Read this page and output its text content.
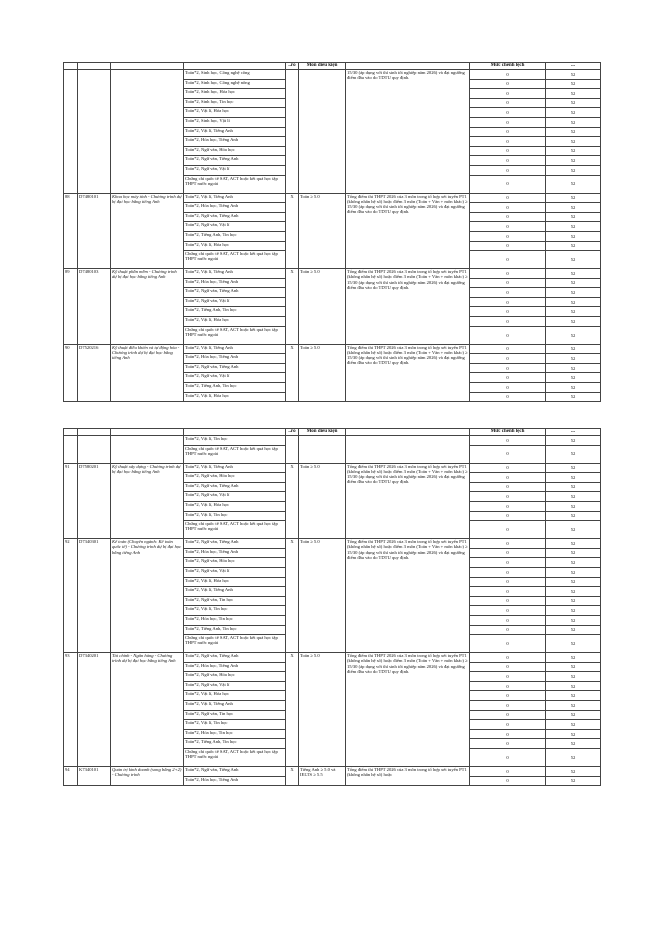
				..ró	Môn điều kiện		Mức chênh lệch	...
			Toán*2, Sinh học, Công nghệ công			15/30 (áp dụng với thí sinh tốt nghiệp năm 2026) và đạt ngưỡng điểm đầu vào do TDTU quy định.	0	52
			Toán*2, Sinh học, Công nghệ nông				0	52
			Toán*2, Sinh học, Hóa học				0	52
			Toán*2, Sinh học, Tin học				0	52
			Toán*2, Vật lí, Hóa học				0	52
			Toán*2, Sinh học, Vật lí				0	52
			Toán*2, Vật lí, Tiếng Anh				0	52
			Toán*2, Hóa học, Tiếng Anh				0	52
			Toán*2, Ngữ văn, Hóa học				0	52
			Toán*2, Ngữ văn, Tiếng Anh				0	52
			Toán*2, Ngữ văn, Vật lí				0	52
			Chứng chỉ quốc tế SAT, ACT hoặc kết quả học tập THPT nước ngoài				0	52
88	D7480101	Khoa học máy tính - Chương trình dự bị đại học bằng tiếng Anh	Toán*2, Vật lí, Tiếng Anh	X	Toán ≥ 5.0	Tổng điểm thi THPT 2026 của 3 môn trong tổ hợp xét tuyển PT1 (không nhân hệ số) hoặc điểm 3 môn (Toán + Văn + môn khác) ≥ 15/30 (áp dụng với thí sinh tốt nghiệp năm 2026) và đạt ngưỡng điểm đầu vào do TDTU quy định.	0	52
			Toán*2, Hóa học, Tiếng Anh				0	52
			Toán*2, Ngữ văn, Tiếng Anh				0	52
			Toán*2, Ngữ văn, Vật lí				0	52
			Toán*2, Tiếng Anh, Tin học				0	52
			Toán*2, Vật lí, Hóa học				0	52
			Chứng chỉ quốc tế SAT, ACT hoặc kết quả học tập THPT nước ngoài				0	52
89	D7480103	Kỹ thuật phần mềm - Chương trình dự bị đại học bằng tiếng Anh	Toán*2, Vật lí, Tiếng Anh	X	Toán ≥ 5.0	Tổng điểm thi THPT 2026 của 3 môn trong tổ hợp xét tuyển PT1 (không nhân hệ số) hoặc điểm 3 môn (Toán + Văn + môn khác) ≥ 15/30 (áp dụng với thí sinh tốt nghiệp năm 2026) và đạt ngưỡng điểm đầu vào do TDTU quy định.	0	52
			Toán*2, Hóa học, Tiếng Anh				0	52
			Toán*2, Ngữ văn, Tiếng Anh				0	52
			Toán*2, Ngữ văn, Vật lí				0	52
			Toán*2, Tiếng Anh, Tin học				0	52
			Toán*2, Vật lí, Hóa học				0	52
			Chứng chỉ quốc tế SAT, ACT hoặc kết quả học tập THPT nước ngoài				0	52
90	D7520216	Kỹ thuật điều khiển và tự động hóa - Chương trình dự bị đại học bằng tiếng Anh	Toán*2, Vật lí, Tiếng Anh	X	Toán ≥ 5.0	Tổng điểm thi THPT 2026 của 3 môn trong tổ hợp xét tuyển PT1 (không nhân hệ số) hoặc điểm 3 môn (Toán + Văn + môn khác) ≥ 15/30 (áp dụng với thí sinh tốt nghiệp năm 2026) và đạt ngưỡng điểm đầu vào do TDTU quy định.	0	52
			Toán*2, Hóa học, Tiếng Anh				0	52
			Toán*2, Ngữ văn, Tiếng Anh				0	52
			Toán*2, Ngữ văn, Vật lí				0	52
			Toán*2, Tiếng Anh, Tin học				0	52
			Toán*2, Vật lí, Hóa học				0	52
				..ró	Môn điều kiện		Mức chênh lệch	...
			Toán*2, Vật lí, Tin học				0	52
			Chứng chỉ quốc tế SAT, ACT hoặc kết quả học tập THPT nước ngoài				0	52
91	D7580201	Kỹ thuật xây dựng - Chương trình dự bị đại học bằng tiếng Anh	Toán*2, Vật lí, Tiếng Anh	X	Toán ≥ 5.0	Tổng điểm thi THPT 2026 của 3 môn trong tổ hợp xét tuyển PT1 (không nhân hệ số) hoặc điểm 3 môn (Toán + Văn + môn khác) ≥ 15/30 (áp dụng với thí sinh tốt nghiệp năm 2026) và đạt ngưỡng điểm đầu vào do TDTU quy định.	0	52
			Toán*2, Ngữ văn, Hóa học				0	52
			Toán*2, Ngữ văn, Tiếng Anh				0	52
			Toán*2, Ngữ văn, Vật lí				0	52
			Toán*2, Vật lí, Hóa học				0	52
			Toán*2, Vật lí, Tin học				0	52
			Chứng chỉ quốc tế SAT, ACT hoặc kết quả học tập THPT nước ngoài				0	52
92	D7340301	Kế toán (Chuyên ngành: Kế toán quốc tế) - Chương trình dự bị đại học bằng tiếng Anh	Toán*2, Ngữ văn, Tiếng Anh	X	Toán ≥ 5.0	Tổng điểm thi THPT 2026 của 3 môn trong tổ hợp xét tuyển PT1 (không nhân hệ số) hoặc điểm 3 môn (Toán + Văn + môn khác) ≥ 15/30 (áp dụng với thí sinh tốt nghiệp năm 2026) và đạt ngưỡng điểm đầu vào do TDTU quy định.	0	52
			Toán*2, Hóa học, Tiếng Anh				0	52
			Toán*2, Ngữ văn, Hóa học				0	52
			Toán*2, Ngữ văn, Vật lí				0	52
			Toán*2, Vật lí, Hóa học				0	52
			Toán*2, Vật lí, Tiếng Anh				0	52
			Toán*2, Ngữ văn, Tin học				0	52
			Toán*2, Vật lí, Tin học				0	52
			Toán*2, Hóa học, Tin học				0	52
			Toán*2, Tiếng Anh, Tin học				0	52
			Chứng chỉ quốc tế SAT, ACT hoặc kết quả học tập THPT nước ngoài				0	52
93	D7340201	Tài chính - Ngân hàng - Chương trình dự bị đại học bằng tiếng Anh	Toán*2, Ngữ văn, Tiếng Anh	X	Toán ≥ 5.0	Tổng điểm thi THPT 2026 của 3 môn trong tổ hợp xét tuyển PT1 (không nhân hệ số) hoặc điểm 3 môn (Toán + Văn + môn khác) ≥ 15/30 (áp dụng với thí sinh tốt nghiệp năm 2026) và đạt ngưỡng điểm đầu vào do TDTU quy định.	0	52
			Toán*2, Hóa học, Tiếng Anh				0	52
			Toán*2, Ngữ văn, Hóa học				0	52
			Toán*2, Ngữ văn, Vật lí				0	52
			Toán*2, Vật lí, Hóa học				0	52
			Toán*2, Vật lí, Tiếng Anh				0	52
			Toán*2, Ngữ văn, Tin học				0	52
			Toán*2, Vật lí, Tin học				0	52
			Toán*2, Hóa học, Tin học				0	52
			Toán*2, Tiếng Anh, Tin học				0	52
			Chứng chỉ quốc tế SAT, ACT hoặc kết quả học tập THPT nước ngoài				0	52
94	K7340101	Quản trị kinh doanh (song bằng 2+2) - Chương trình	Toán*2, Ngữ văn, Tiếng Anh	X	Tiếng Anh ≥ 5.0 và IELTS ≥ 5.5	Tổng điểm thi THPT 2026 của 3 môn trong tổ hợp xét tuyển PT1 (không nhân hệ số) hoặc	0	52
			Toán*2, Hóa học, Tiếng Anh				0	52
